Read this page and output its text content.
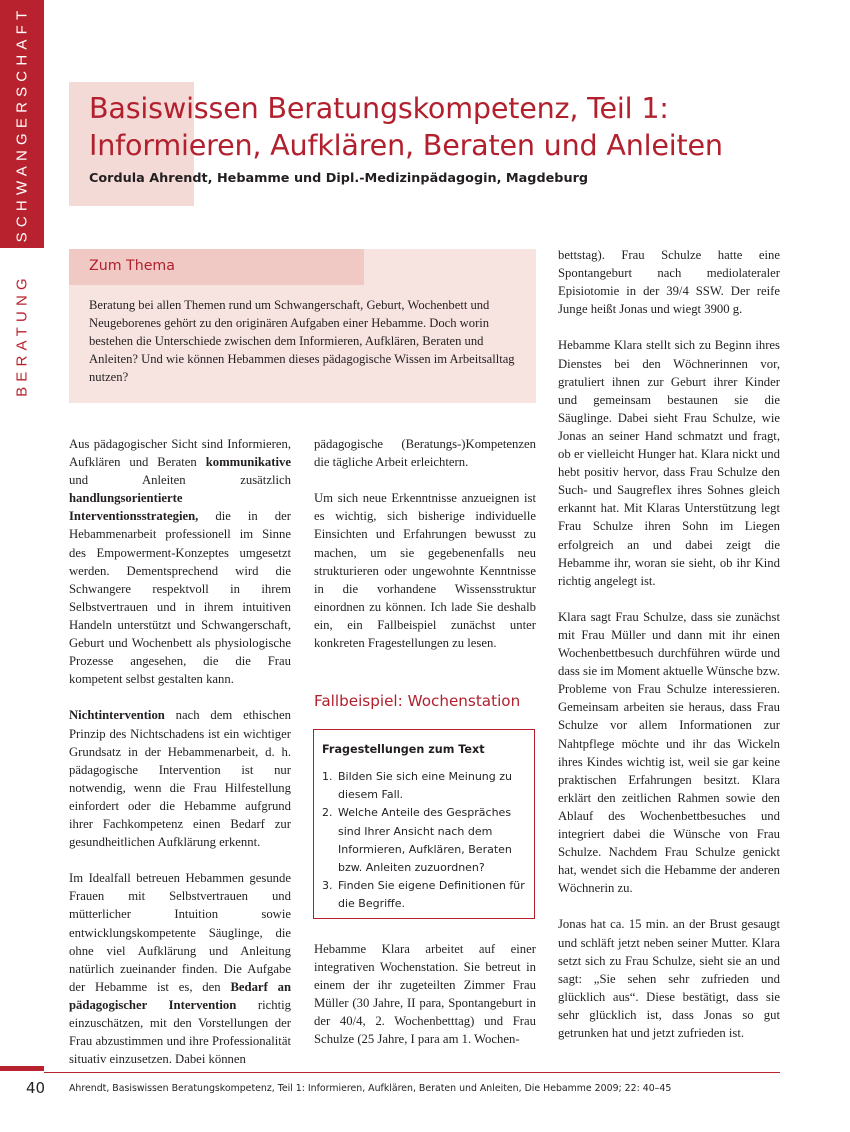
SCHWANGERSCHAFT
BERATUNG
Basiswissen Beratungskompetenz, Teil 1:
Informieren, Aufklären, Beraten und Anleiten
Cordula Ahrendt, Hebamme und Dipl.-Medizinpädagogin, Magdeburg
Zum Thema

Beratung bei allen Themen rund um Schwangerschaft, Geburt, Wochenbett und Neugeborenes gehört zu den originären Aufgaben einer Hebamme. Doch worin bestehen die Unterschiede zwischen dem Informieren, Aufklären, Beraten und Anleiten? Und wie können Hebammen dieses pädagogische Wissen im Arbeitsalltag nutzen?

Aus pädagogischer Sicht sind Informieren, Aufklären und Beraten kommunikative und Anleiten zusätzlich handlungsorientierte Interventionsstrategien, die in der Hebammenarbeit professionell im Sinne des Empowerment-Konzeptes umgesetzt werden. Dementsprechend wird die Schwangere respektvoll in ihrem Selbstvertrauen und in ihrem intuitiven Handeln unterstützt und Schwangerschaft, Geburt und Wochenbett als physiologische Prozesse angesehen, die die Frau kompetent selbst gestalten kann.

Nichtintervention nach dem ethischen Prinzip des Nichtschadens ist ein wichtiger Grundsatz in der Hebammenarbeit, d. h. pädagogische Intervention ist nur notwendig, wenn die Frau Hilfestellung einfordert oder die Hebamme aufgrund ihrer Fachkompetenz einen Bedarf zur gesundheitlichen Aufklärung erkennt.

Im Idealfall betreuen Hebammen gesunde Frauen mit Selbstvertrauen und mütterlicher Intuition sowie entwicklungskompetente Säuglinge, die ohne viel Aufklärung und Anleitung natürlich zueinander finden. Die Aufgabe der Hebamme ist es, den Bedarf an pädagogischer Intervention richtig einzuschätzen, mit den Vorstellungen der Frau abzustimmen und ihre Professionalität situativ einzusetzen. Dabei können

pädagogische (Beratungs-)Kompetenzen die tägliche Arbeit erleichtern.

Um sich neue Erkenntnisse anzueignen ist es wichtig, sich bisherige individuelle Einsichten und Erfahrungen bewusst zu machen, um sie gegebenenfalls neu strukturieren oder ungewohnte Kenntnisse in die vorhandene Wissensstruktur einordnen zu können. Ich lade Sie deshalb ein, ein Fallbeispiel zunächst unter konkreten Fragestellungen zu lesen.

Fallbeispiel: Wochenstation
Fragestellungen zum Text
1. Bilden Sie sich eine Meinung zu diesem Fall.
2. Welche Anteile des Gespräches sind Ihrer Ansicht nach dem Informieren, Aufklären, Beraten bzw. Anleiten zuzuordnen?
3. Finden Sie eigene Definitionen für die Begriffe.

Hebamme Klara arbeitet auf einer integrativen Wochenstation. Sie betreut in einem der ihr zugeteilten Zimmer Frau Müller (30 Jahre, II para, Spontangeburt in der 40/4, 2. Wochenbetttag) und Frau Schulze (25 Jahre, I para am 1. Wochen-

bettstag). Frau Schulze hatte eine Spontangeburt nach mediolateraler Episiotomie in der 39/4 SSW. Der reife Junge heißt Jonas und wiegt 3900 g.

Hebamme Klara stellt sich zu Beginn ihres Dienstes bei den Wöchnerinnen vor, gratuliert ihnen zur Geburt ihrer Kinder und gemeinsam bestaunen sie die Säuglinge. Dabei sieht Frau Schulze, wie Jonas an seiner Hand schmatzt und fragt, ob er vielleicht Hunger hat. Klara nickt und hebt positiv hervor, dass Frau Schulze den Such- und Saugreflex ihres Sohnes gleich erkannt hat. Mit Klaras Unterstützung legt Frau Schulze ihren Sohn im Liegen erfolgreich an und dabei zeigt die Hebamme ihr, woran sie sieht, ob ihr Kind richtig angelegt ist.

Klara sagt Frau Schulze, dass sie zunächst mit Frau Müller und dann mit ihr einen Wochenbettbesuch durchführen würde und dass sie im Moment aktuelle Wünsche bzw. Probleme von Frau Schulze interessieren. Gemeinsam arbeiten sie heraus, dass Frau Schulze vor allem Informationen zur Nahtpflege möchte und ihr das Wickeln ihres Kindes wichtig ist, weil sie gar keine praktischen Erfahrungen besitzt. Klara erklärt den zeitlichen Rahmen sowie den Ablauf des Wochenbettbesuches und integriert dabei die Wünsche von Frau Schulze. Nachdem Frau Schulze genickt hat, wendet sich die Hebamme der anderen Wöchnerin zu.

Jonas hat ca. 15 min. an der Brust gesaugt und schläft jetzt neben seiner Mutter. Klara setzt sich zu Frau Schulze, sieht sie an und sagt: „Sie sehen sehr zufrieden und glücklich aus“. Diese bestätigt, dass sie sehr glücklich ist, dass Jonas so gut getrunken hat und jetzt zufrieden ist.

40	Ahrendt, Basiswissen Beratungskompetenz, Teil 1: Informieren, Aufklären, Beraten und Anleiten, Die Hebamme 2009; 22: 40–45
